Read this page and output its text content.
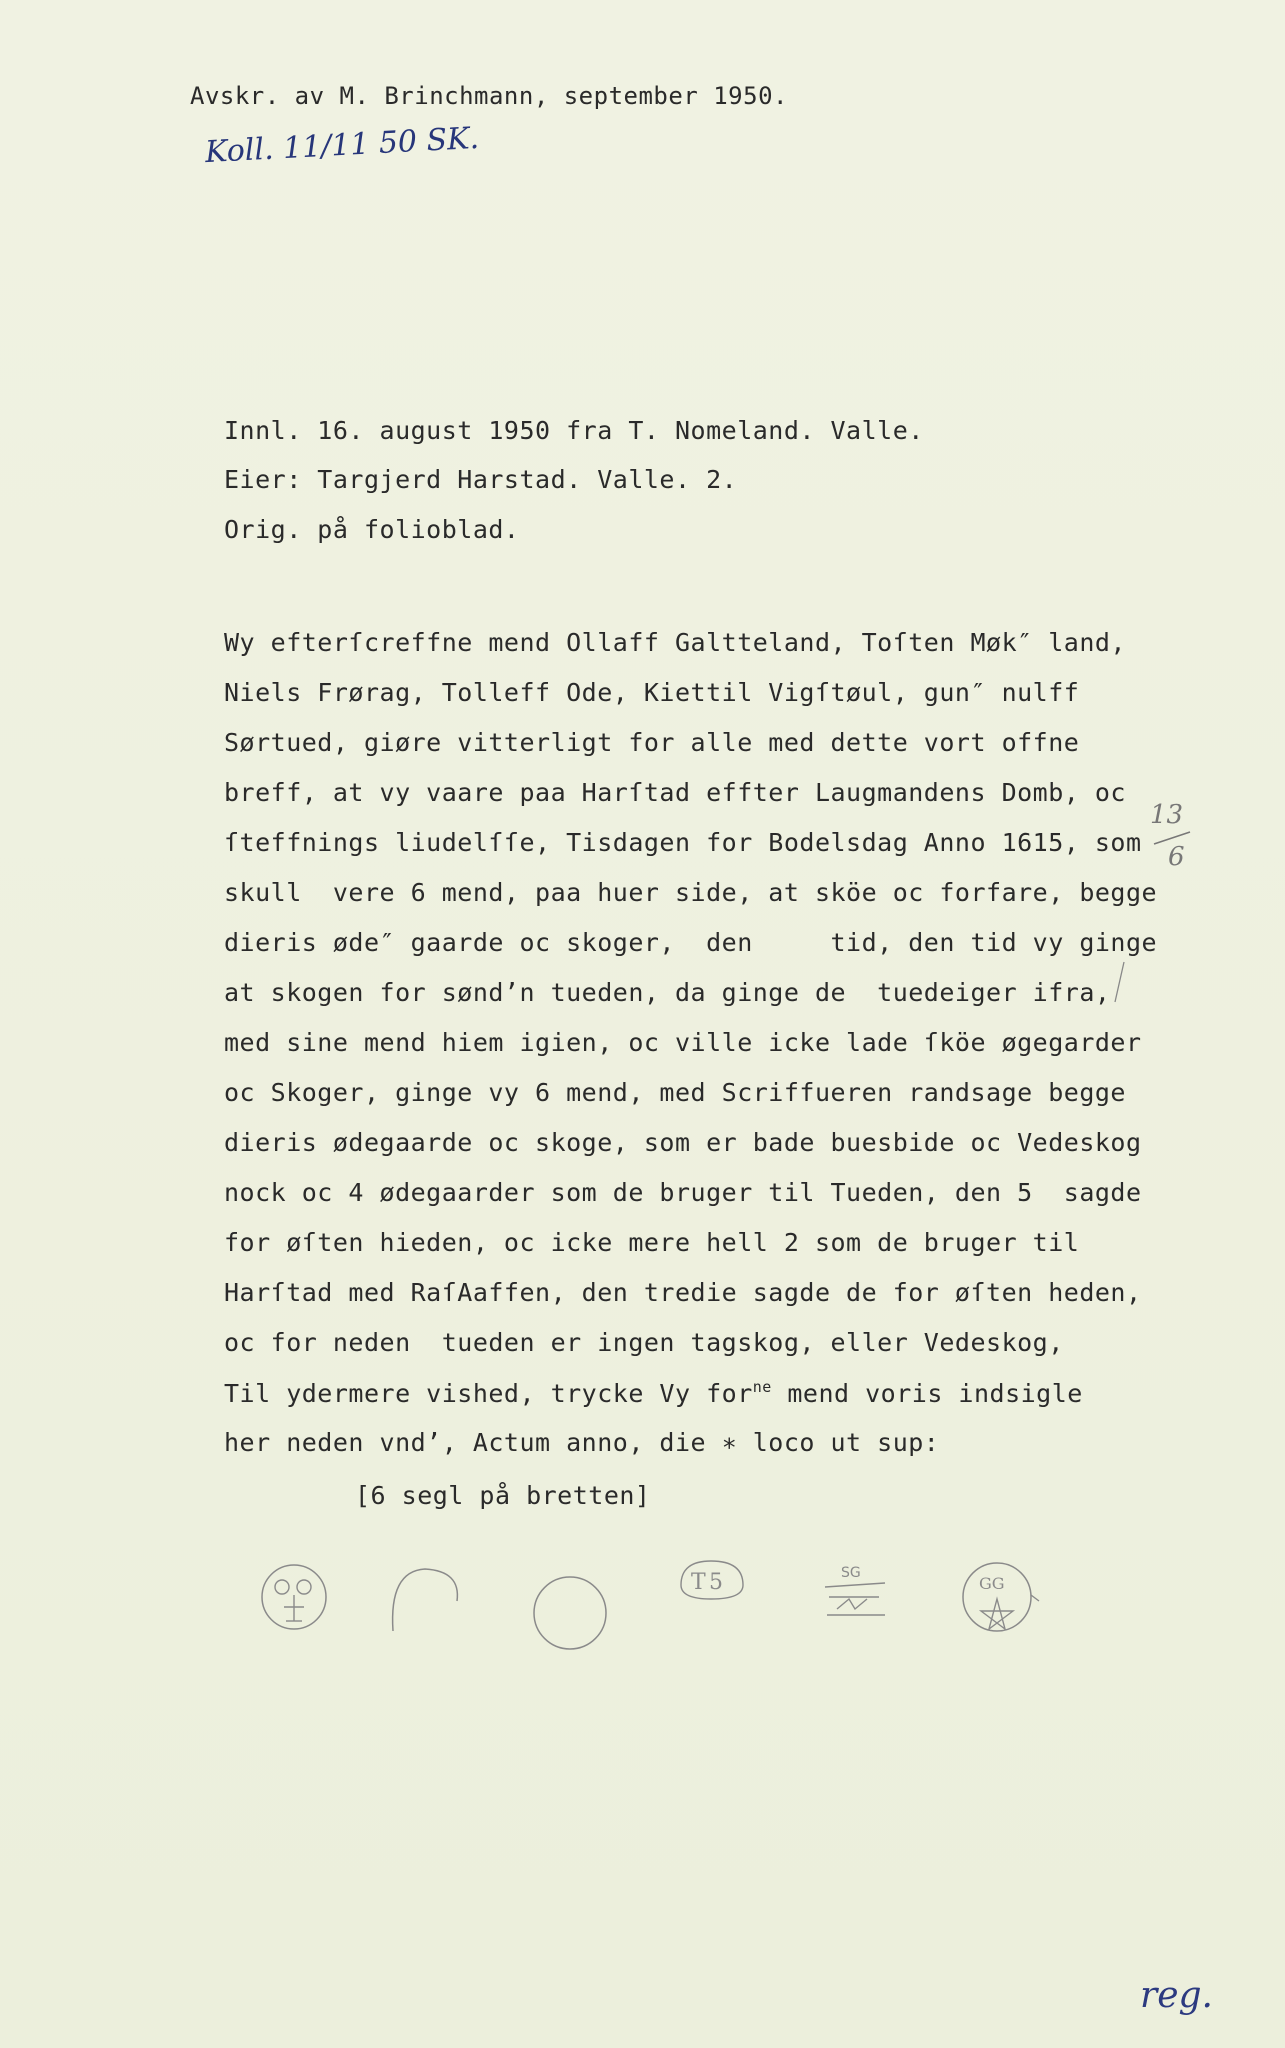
Avskr. av M. Brinchmann, september 1950.
Koll. 11/11 50 SK.
Innl. 16. august 1950 fra T. Nomeland. Valle.
Eier: Targjerd Harstad. Valle. 2.
Orig. på folioblad.
Wy efterſcreffne mend Ollaff Galtteland, Toſten Møk″ land,
Niels Frørag, Tolleff Ode, Kiettil Vigſtøul, gun″ nulff
Sørtued, giøre vitterligt for alle med dette vort offne
breff, at vy vaare paa Harſtad effter Laugmandens Domb, oc
ſteffnings liudelſſe, Tisdagen for Bodelsdag Anno 1615, som
skull  vere 6 mend, paa huer side, at sköe oc forfare, begge
dieris øde″ gaarde oc skoger,  den     tid, den tid vy ginge
at skogen for sønd’n tueden, da ginge de  tuedeiger ifra,
med sine mend hiem igien, oc ville icke lade ſköe øgegarder
oc Skoger, ginge vy 6 mend, med Scriffueren randsage begge
dieris ødegaarde oc skoge, som er bade buesbide oc Vedeskog
nock oc 4 ødegaarder som de bruger til Tueden, den 5  sagde
for øſten hieden, oc icke mere hell 2 som de bruger til
Harſtad med RaſAaffen, den tredie sagde de for øſten heden,
oc for neden  tueden er ingen tagskog, eller Vedeskog,
Til ydermere vished, trycke Vy for$^{ne}$ mend voris indsigle
her neden vnd’, Actum anno, die ∗ loco ut sup:
[6 segl på bretten]
13
6
T 5	SG
GG
reg.
